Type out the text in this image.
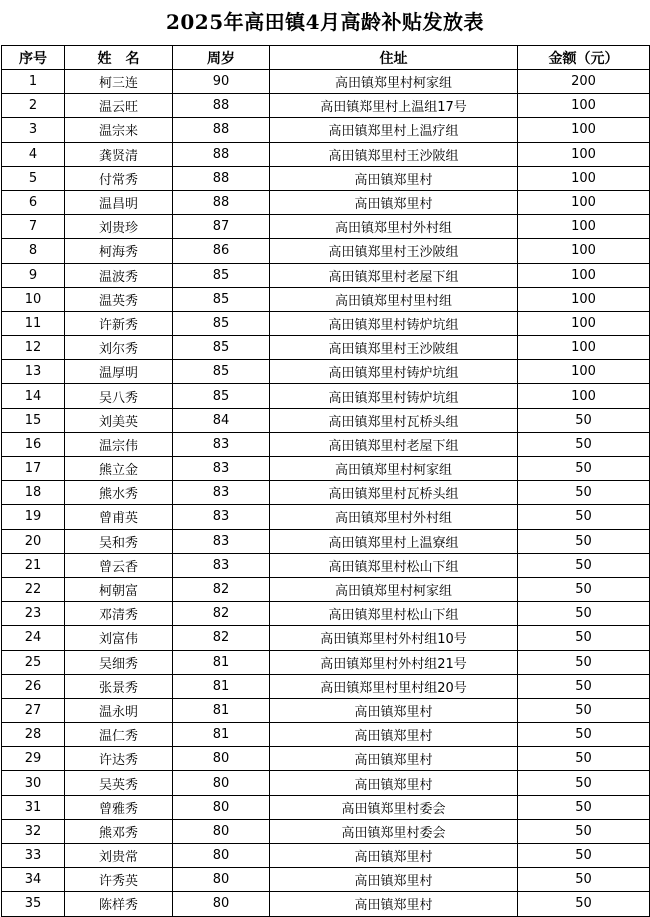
2025年高田镇4月高龄补贴发放表
序号	姓　名	周岁	住址	金额（元）
1	柯三连	90	高田镇郑里村柯家组	200
2	温云旺	88	高田镇郑里村上温组17号	100
3	温宗来	88	高田镇郑里村上温疗组	100
4	龚贤清	88	高田镇郑里村王沙陂组	100
5	付常秀	88	高田镇郑里村	100
6	温昌明	88	高田镇郑里村	100
7	刘贵珍	87	高田镇郑里村外村组	100
8	柯海秀	86	高田镇郑里村王沙陂组	100
9	温波秀	85	高田镇郑里村老屋下组	100
10	温英秀	85	高田镇郑里村里村组	100
11	许新秀	85	高田镇郑里村铸炉坑组	100
12	刘尔秀	85	高田镇郑里村王沙陂组	100
13	温厚明	85	高田镇郑里村铸炉坑组	100
14	吴八秀	85	高田镇郑里村铸炉坑组	100
15	刘美英	84	高田镇郑里村瓦桥头组	50
16	温宗伟	83	高田镇郑里村老屋下组	50
17	熊立金	83	高田镇郑里村柯家组	50
18	熊水秀	83	高田镇郑里村瓦桥头组	50
19	曾甫英	83	高田镇郑里村外村组	50
20	吴和秀	83	高田镇郑里村上温寮组	50
21	曾云香	83	高田镇郑里村松山下组	50
22	柯朝富	82	高田镇郑里村柯家组	50
23	邓清秀	82	高田镇郑里村松山下组	50
24	刘富伟	82	高田镇郑里村外村组10号	50
25	吴细秀	81	高田镇郑里村外村组21号	50
26	张景秀	81	高田镇郑里村里村组20号	50
27	温永明	81	高田镇郑里村	50
28	温仁秀	81	高田镇郑里村	50
29	许达秀	80	高田镇郑里村	50
30	吴英秀	80	高田镇郑里村	50
31	曾雅秀	80	高田镇郑里村委会	50
32	熊邓秀	80	高田镇郑里村委会	50
33	刘贵常	80	高田镇郑里村	50
34	许秀英	80	高田镇郑里村	50
35	陈样秀	80	高田镇郑里村	50
